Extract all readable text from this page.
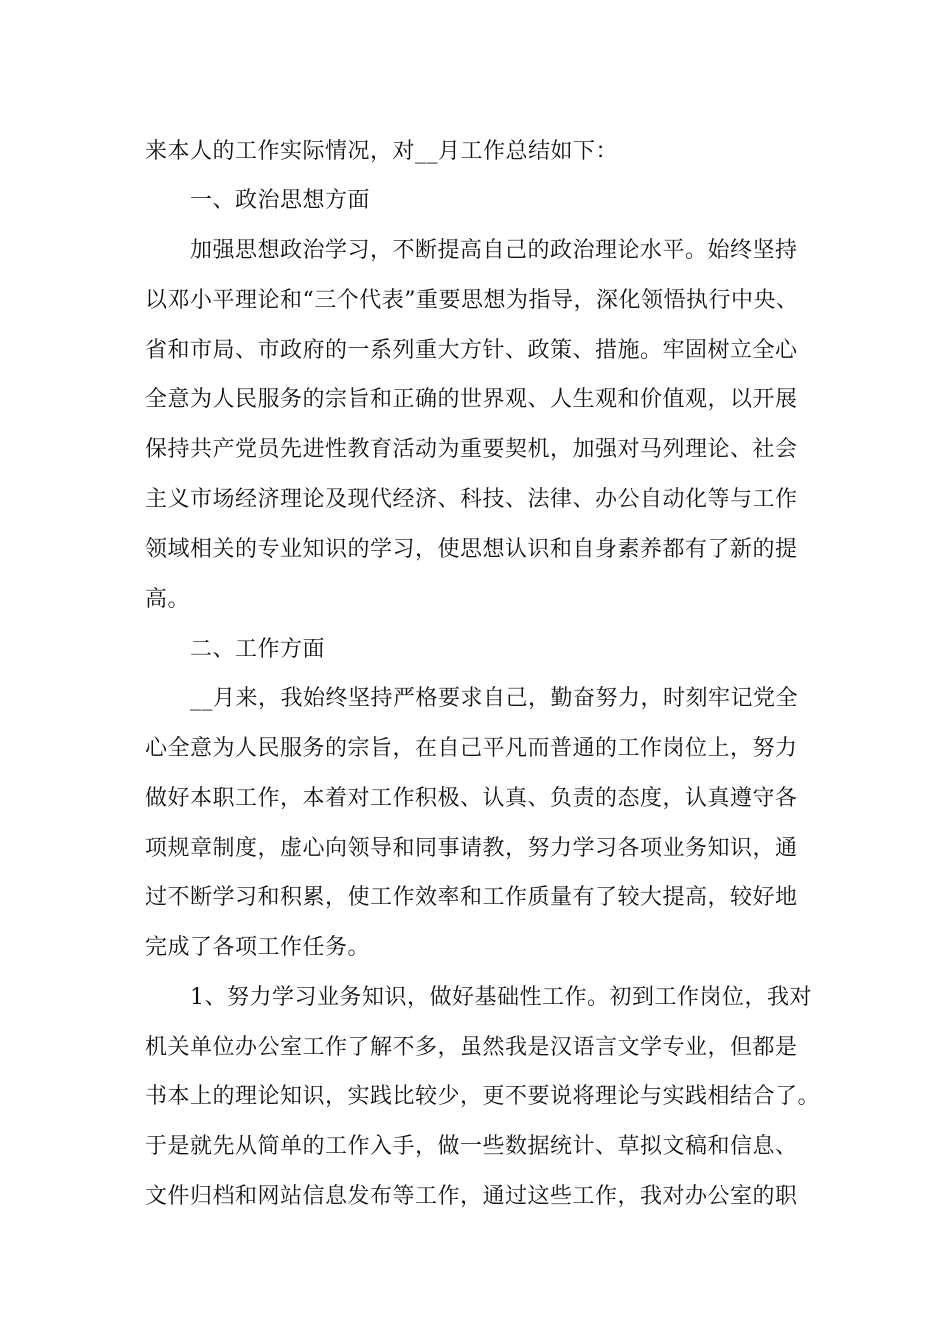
来本人的工作实际情况，对__月工作总结如下：
一、政治思想方面
加强思想政治学习，不断提高自己的政治理论水平。始终坚持
以邓小平理论和“三个代表”重要思想为指导，深化领悟执行中央、
省和市局、市政府的一系列重大方针、政策、措施。牢固树立全心
全意为人民服务的宗旨和正确的世界观、人生观和价值观，以开展
保持共产党员先进性教育活动为重要契机，加强对马列理论、社会
主义市场经济理论及现代经济、科技、法律、办公自动化等与工作
领域相关的专业知识的学习，使思想认识和自身素养都有了新的提
高。
二、工作方面
__月来，我始终坚持严格要求自己，勤奋努力，时刻牢记党全
心全意为人民服务的宗旨，在自己平凡而普通的工作岗位上，努力
做好本职工作，本着对工作积极、认真、负责的态度，认真遵守各
项规章制度，虚心向领导和同事请教，努力学习各项业务知识，通
过不断学习和积累，使工作效率和工作质量有了较大提高，较好地
完成了各项工作任务。
1、努力学习业务知识，做好基础性工作。初到工作岗位，我对
机关单位办公室工作了解不多，虽然我是汉语言文学专业，但都是
书本上的理论知识，实践比较少，更不要说将理论与实践相结合了。
于是就先从简单的工作入手，做一些数据统计、草拟文稿和信息、
文件归档和网站信息发布等工作，通过这些工作，我对办公室的职
